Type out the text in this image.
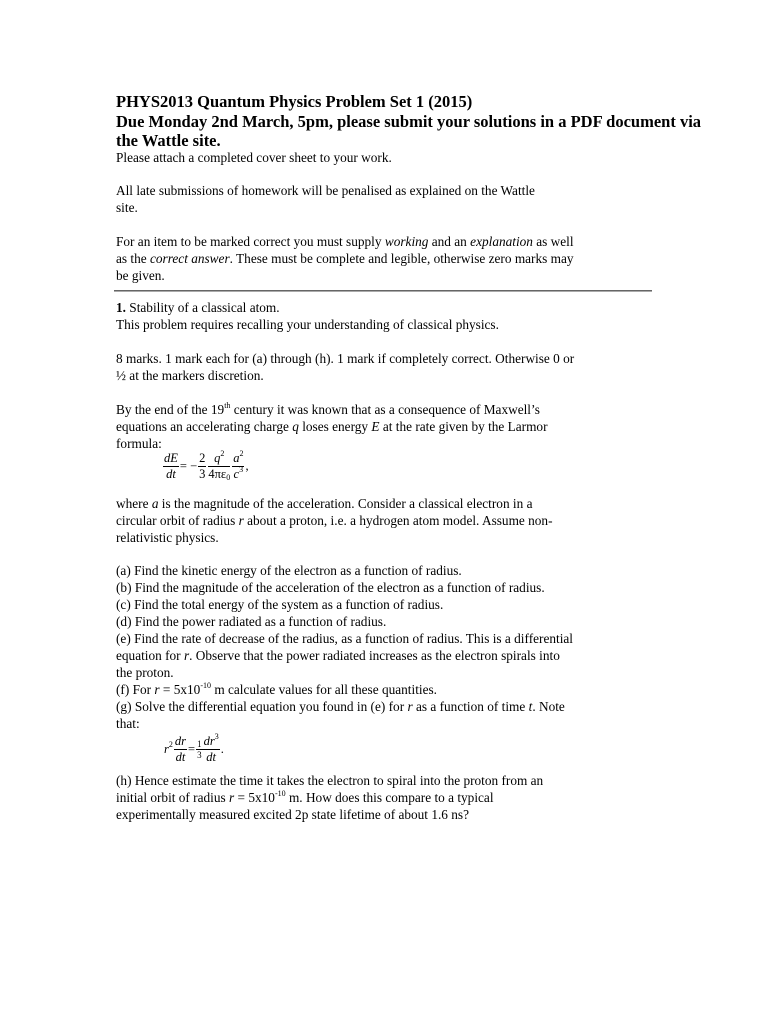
PHYS2013 Quantum Physics Problem Set 1 (2015)
Due Monday 2nd March, 5pm, please submit your solutions in a PDF document via
the Wattle site.
Please attach a completed cover sheet to your work.
All late submissions of homework will be penalised as explained on the Wattle
site.
For an item to be marked correct you must supply working and an explanation as well
as the correct answer. These must be complete and legible, otherwise zero marks may
be given.
1. Stability of a classical atom.
This problem requires recalling your understanding of classical physics.
8 marks. 1 mark each for (a) through (h). 1 mark if completely correct. Otherwise 0 or
½ at the markers discretion.
By the end of the 19th century it was known that as a consequence of Maxwell’s
equations an accelerating charge q loses energy E at the rate given by the Larmor
formula:
$\frac{dE}{dt}$ = − $\frac{2}{3} \frac{q^2}{4\pi\varepsilon_0} \frac{a^2}{c^3}$ ,
where a is the magnitude of the acceleration. Consider a classical electron in a
circular orbit of radius r about a proton, i.e. a hydrogen atom model. Assume non-
relativistic physics.
(a) Find the kinetic energy of the electron as a function of radius.
(b) Find the magnitude of the acceleration of the electron as a function of radius.
(c) Find the total energy of the system as a function of radius.
(d) Find the power radiated as a function of radius.
(e) Find the rate of decrease of the radius, as a function of radius. This is a differential
equation for r. Observe that the power radiated increases as the electron spirals into
the proton.
(f) For $r = 5x10^{-10}$ m calculate values for all these quantities.
(g) Solve the differential equation you found in (e) for r as a function of time t. Note
that:
$r^2 \frac{dr}{dt} = \frac{1}{3} \frac{dr^3}{dt}$ .
(h) Hence estimate the time it takes the electron to spiral into the proton from an
initial orbit of radius $r = 5x10^{-10}$ m. How does this compare to a typical
experimentally measured excited 2p state lifetime of about 1.6 ns?
